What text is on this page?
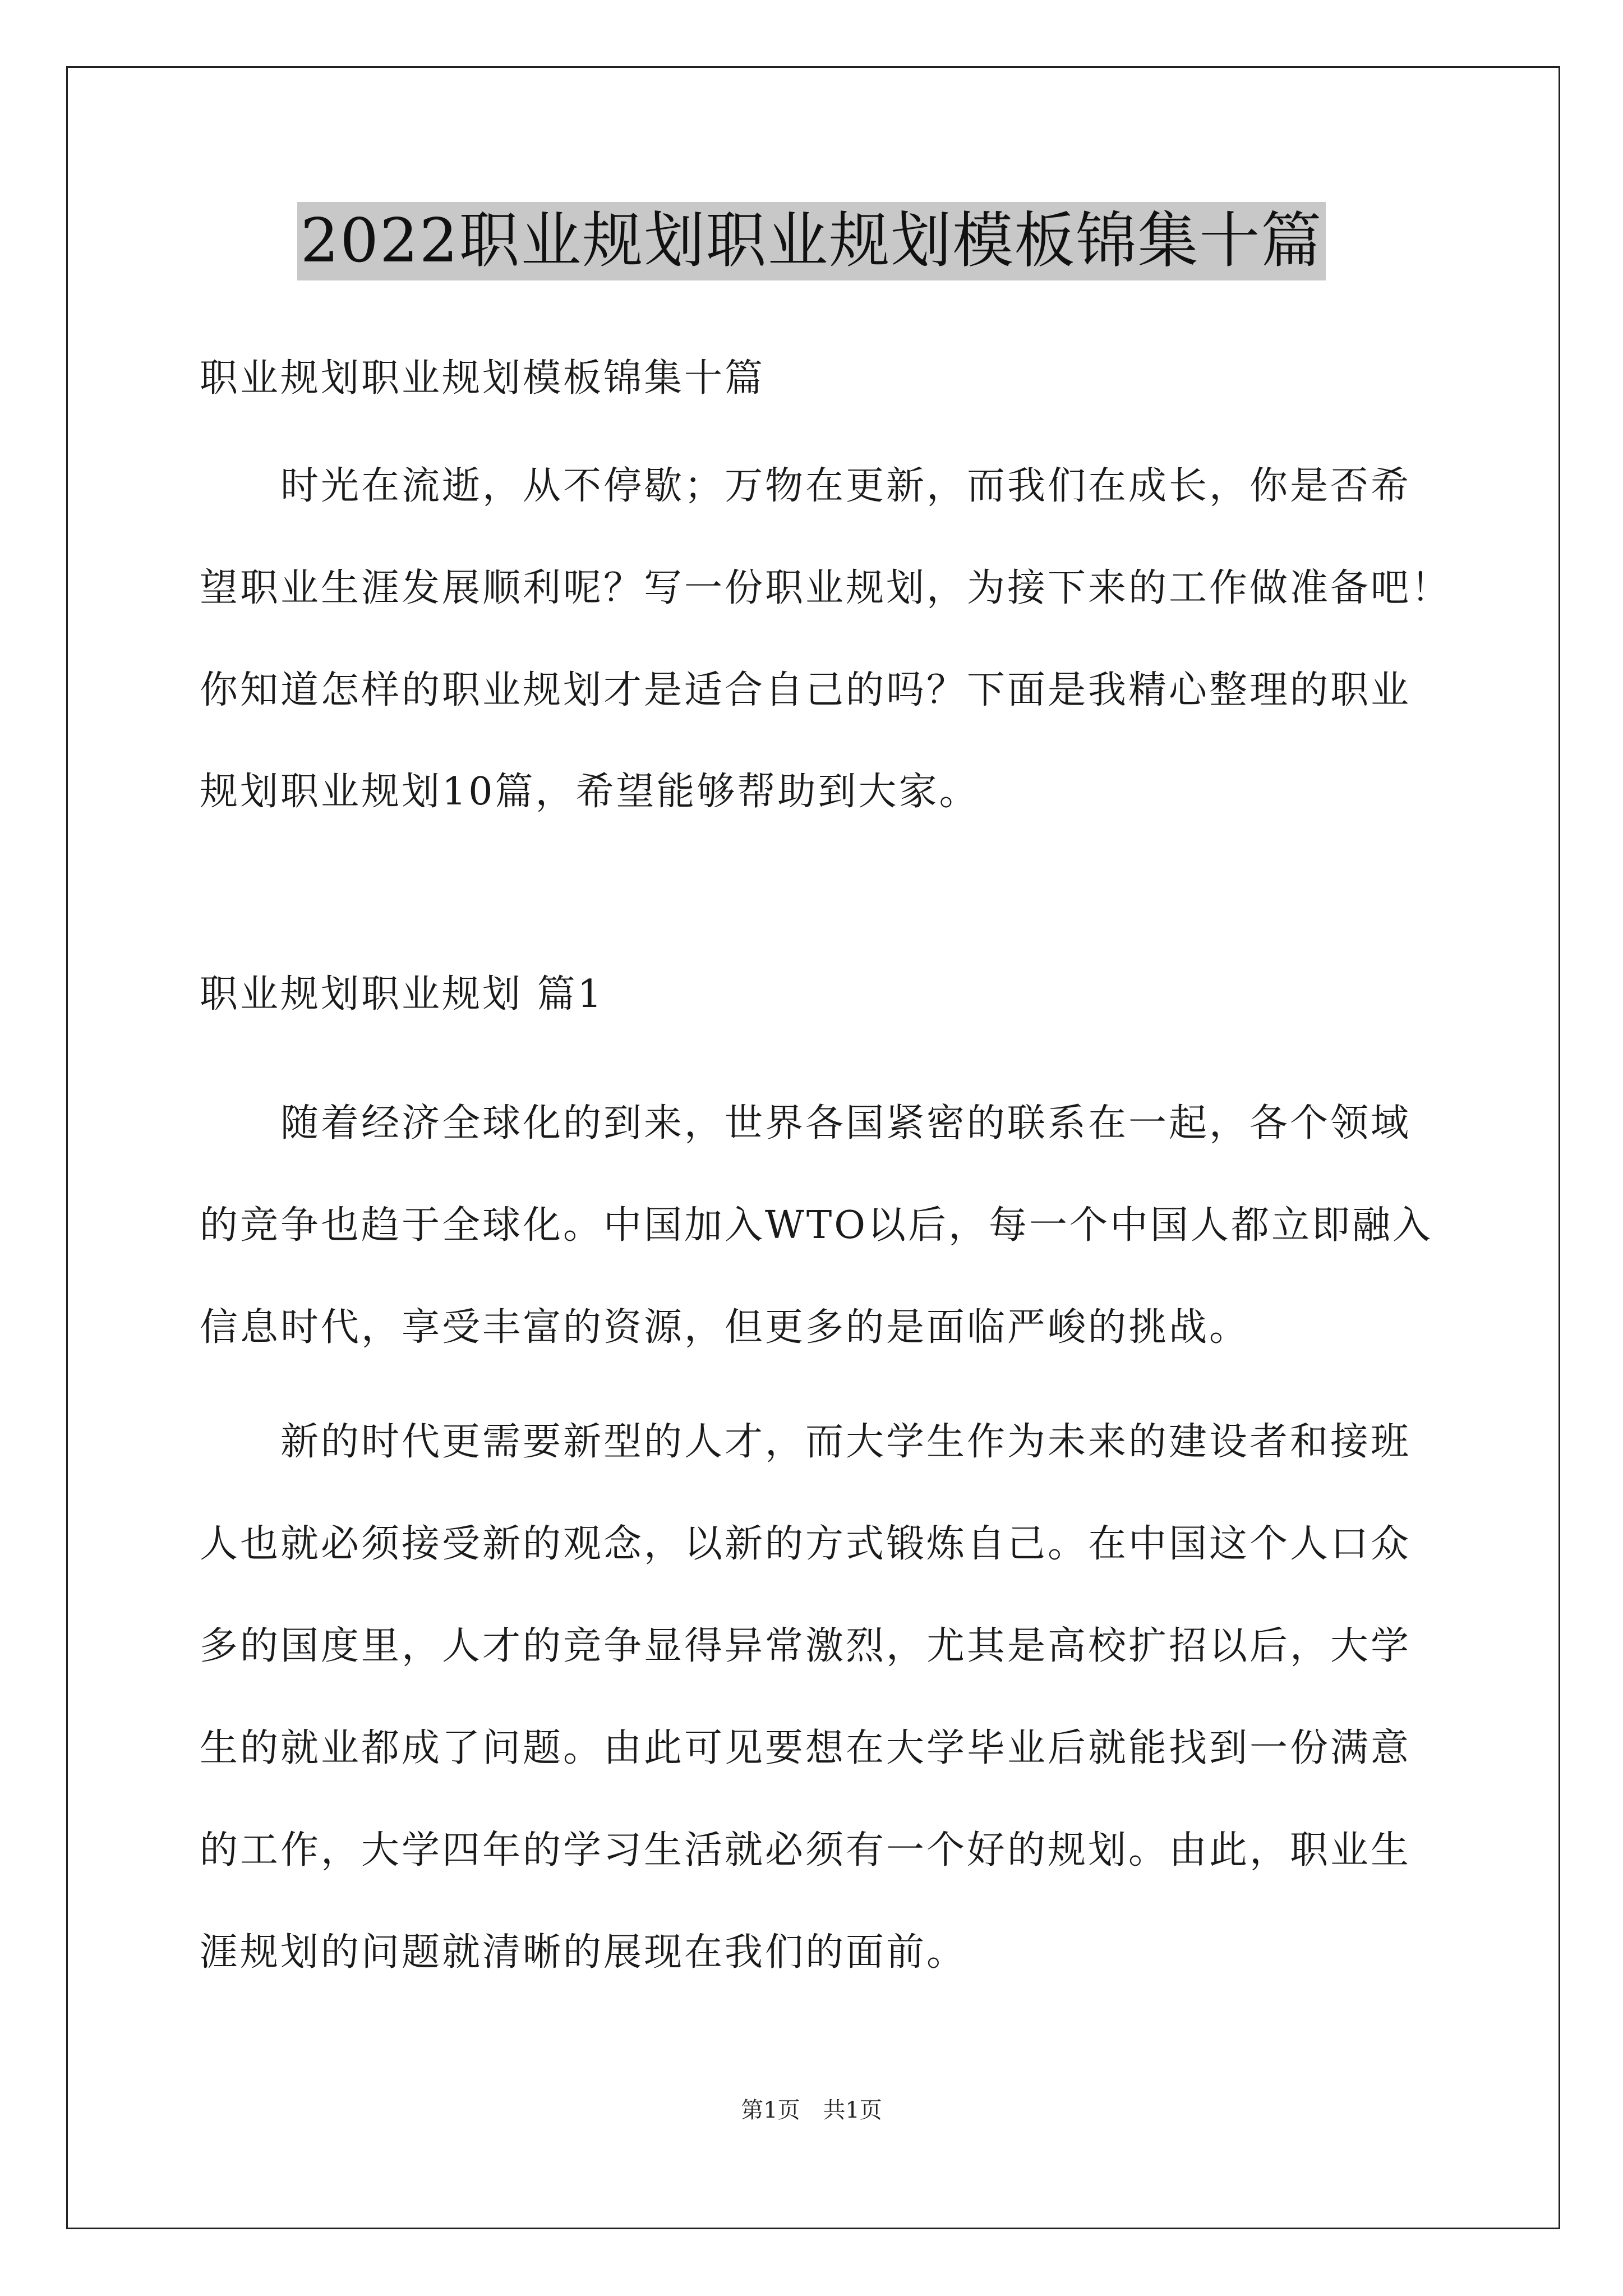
2022职业规划职业规划模板锦集十篇
职业规划职业规划模板锦集十篇
时光在流逝，从不停歇；万物在更新，而我们在成长，你是否希
望职业生涯发展顺利呢？写一份职业规划，为接下来的工作做准备吧！
你知道怎样的职业规划才是适合自己的吗？下面是我精心整理的职业
规划职业规划10篇，希望能够帮助到大家。
职业规划职业规划 篇1
随着经济全球化的到来，世界各国紧密的联系在一起，各个领域
的竞争也趋于全球化。中国加入WTO以后，每一个中国人都立即融入
信息时代，享受丰富的资源，但更多的是面临严峻的挑战。
新的时代更需要新型的人才，而大学生作为未来的建设者和接班
人也就必须接受新的观念，以新的方式锻炼自己。在中国这个人口众
多的国度里，人才的竞争显得异常激烈，尤其是高校扩招以后，大学
生的就业都成了问题。由此可见要想在大学毕业后就能找到一份满意
的工作，大学四年的学习生活就必须有一个好的规划。由此，职业生
涯规划的问题就清晰的展现在我们的面前。
第1页 共1页
